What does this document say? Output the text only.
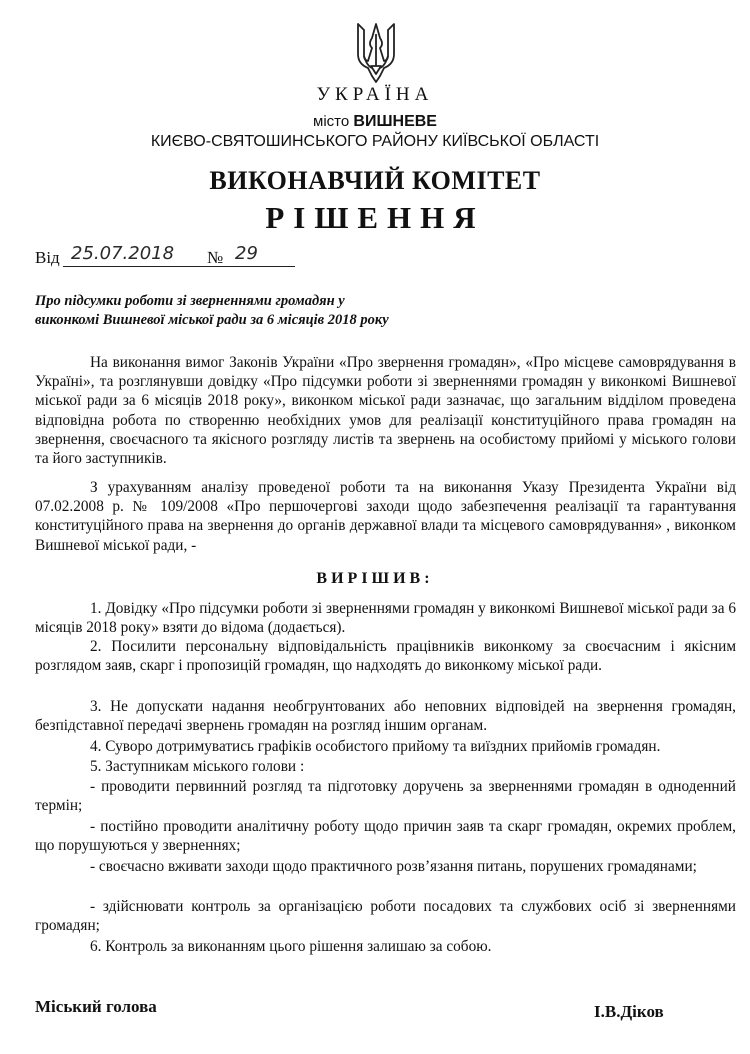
УКРАЇНА
місто ВИШНЕВЕ
КИЄВО-СВЯТОШИНСЬКОГО РАЙОНУ КИЇВСЬКОЇ ОБЛАСТІ
ВИКОНАВЧИЙ КОМІТЕТ
РІШЕННЯ
Від 25.07.2018 № 29
Про підсумки роботи зі зверненнями громадян у виконкомі Вишневої міської ради за 6 місяців 2018 року

На виконання вимог Законів України «Про звернення громадян», «Про місцеве самоврядування в Україні», та розглянувши довідку «Про підсумки роботи зі зверненнями громадян у виконкомі Вишневої міської ради за 6 місяців 2018 року», виконком міської ради зазначає, що загальним відділом проведена відповідна робота по створенню необхідних умов для реалізації конституційного права громадян на звернення, своєчасного та якісного розгляду листів та звернень на особистому прийомі у міського голови та його заступників.

З урахуванням аналізу проведеної роботи та на виконання Указу Президента України від 07.02.2008 р. № 109/2008 «Про першочергові заходи щодо забезпечення реалізації та гарантування конституційного права на звернення до органів державної влади та місцевого самоврядування» , виконком Вишневої міської ради, -

ВИРІШИВ:

1. Довідку «Про підсумки роботи зі зверненнями громадян у виконкомі Вишневої міської ради за 6 місяців 2018 року» взяти до відома (додається).

2. Посилити персональну відповідальність працівників виконкому за своєчасним і якісним розглядом заяв, скарг і пропозицій громадян, що надходять до виконкому міської ради.

3. Не допускати надання необгрунтованих або неповних відповідей на звернення громадян, безпідставної передачі звернень громадян на розгляд іншим органам.

4. Суворо дотримуватись графіків особистого прийому та виїздних прийомів громадян.

5. Заступникам міського голови :

- проводити первинний розгляд та підготовку доручень за зверненнями громадян в одноденний термін;

- постійно проводити аналітичну роботу щодо причин заяв та скарг громадян, окремих проблем, що порушуються у зверненнях;

- своєчасно вживати заходи щодо практичного розв’язання питань, порушених громадянами;

- здійснювати контроль за організацією роботи посадових та службових осіб зі зверненнями громадян;

6. Контроль за виконанням цього рішення залишаю за собою.

Міський голова	І.В.Діков
